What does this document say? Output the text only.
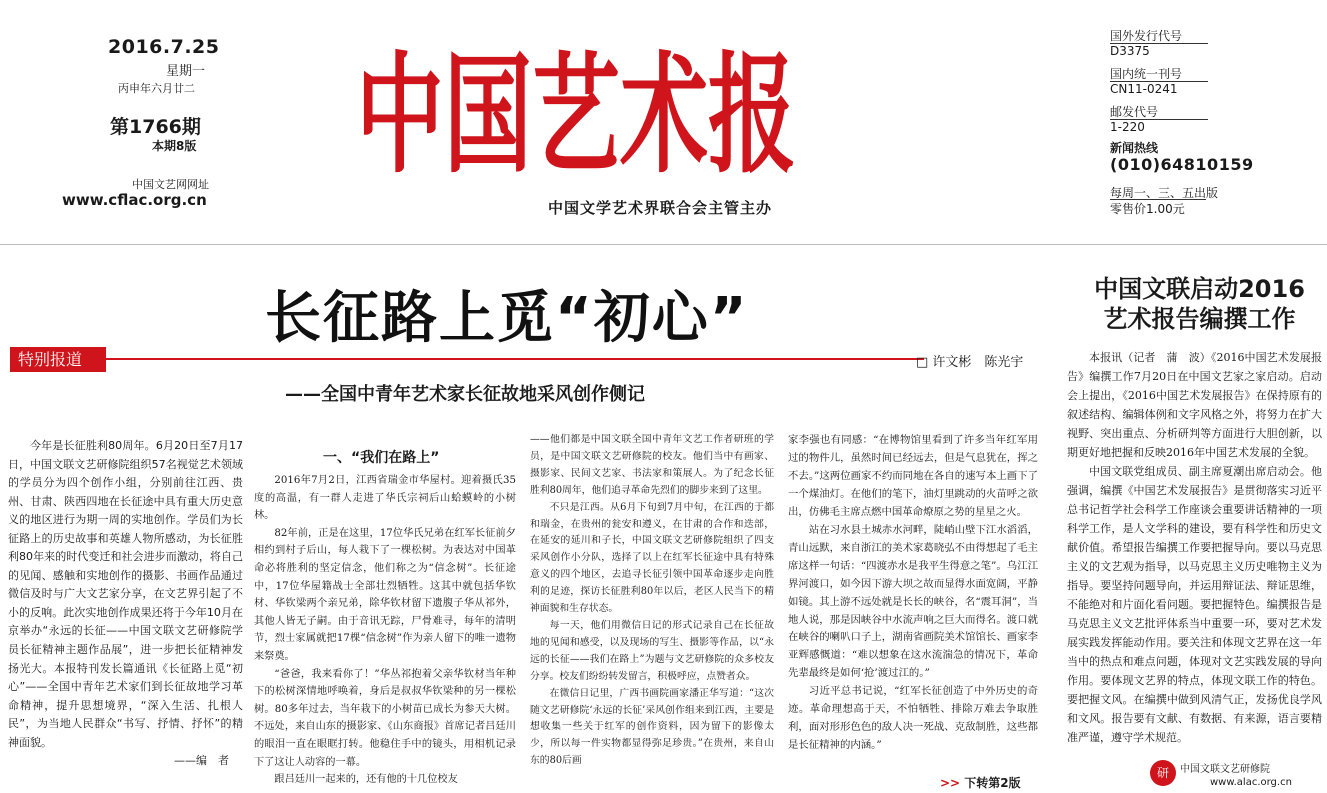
2016.7.25
星期一
丙申年六月廿二
第1766期
本期8版
中国文艺网网址
www.cflac.org.cn
中国艺术报
中国文学艺术界联合会主管主办
国外发行代号
D3375
国内统一刊号
CN11-0241
邮发代号
1-220
新闻热线
(010)64810159
每周一、三、五出版
零售价1.00元
长征路上觅“初心”
特别报道	□ 许文彬　陈光宇
——全国中青年艺术家长征故地采风创作侧记

今年是长征胜利80周年。6月20日至7月17日，中国文联文艺研修院组织57名视觉艺术领域的学员分为四个创作小组，分别前往江西、贵州、甘肃、陕西四地在长征途中具有重大历史意义的地区进行为期一周的实地创作。学员们为长征路上的历史故事和英雄人物所感动，为长征胜利80年来的时代变迁和社会进步而激动，将自己的见闻、感触和实地创作的摄影、书画作品通过微信及时与广大文艺家分享，在文艺界引起了不小的反响。此次实地创作成果还将于今年10月在京举办“永远的长征——中国文联文艺研修院学员长征精神主题作品展”，进一步把长征精神发扬光大。本报特刊发长篇通讯《长征路上觅“初心”——全国中青年艺术家们到长征故地学习革命精神，提升思想境界，“深入生活、扎根人民”，为当地人民群众“书写、抒情、抒怀”的精神面貌。

——编　者
一、“我们在路上”

2016年7月2日，江西省瑞金市华屋村。迎着摄氏35度的高温，有一群人走进了华氏宗祠后山蛤蟆岭的小树林。

82年前，正是在这里，17位华氏兄弟在红军长征前夕相约到村子后山，每人栽下了一棵松树。为表达对中国革命必将胜利的坚定信念，他们称之为“信念树”。长征途中，17位华屋籍战士全部壮烈牺牲。这其中就包括华钦材、华钦梁两个亲兄弟，除华钦材留下遗腹子华从祁外，其他人皆无子嗣。由于音讯无踪，尸骨难寻，每年的清明节，烈士家属就把17棵“信念树”作为亲人留下的唯一遗物来祭奠。

“爸爸，我来看你了！”华丛祁抱着父亲华钦材当年种下的松树深情地呼唤着，身后是叔叔华钦梁种的另一棵松树。80多年过去，当年栽下的小树苗已成长为参天大树。不远处，来自山东的摄影家、《山东商报》首席记者吕廷川的眼泪一直在眼眶打转。他稳住手中的镜头，用相机记录下了这让人动容的一幕。

跟吕廷川一起来的，还有他的十几位校友

——他们都是中国文联全国中青年文艺工作者研班的学员，是中国文联文艺研修院的校友。他们当中有画家、摄影家、民间文艺家、书法家和策展人。为了纪念长征胜利80周年，他们追寻革命先烈们的脚步来到了这里。

不只是江西。从6月下旬到7月中旬，在江西的于都和瑞金，在贵州的瓮安和遵义，在甘肃的合作和迭部，在延安的延川和子长，中国文联文艺研修院组织了四支采风创作小分队，选择了以上在红军长征途中具有特殊意义的四个地区，去追寻长征引领中国革命逐步走向胜利的足迹，探访长征胜利80年以后，老区人民当下的精神面貌和生存状态。

每一天，他们用微信日记的形式记录自己在长征故地的见闻和感受，以及现场的写生、摄影等作品，以“永远的长征——我们在路上”为题与文艺研修院的众多校友分享。校友们纷纷转发留言，积极呼应，点赞者众。

在微信日记里，广西书画院画家潘正华写道：“这次随文艺研修院‘永远的长征’采风创作组来到江西，主要是想收集一些关于红军的创作资料，因为留下的影像太少，所以每一件实物都显得弥足珍贵。”在贵州，来自山东的80后画

家李强也有同感：“在博物馆里看到了许多当年红军用过的物件儿，虽然时间已经远去，但是气息犹在，挥之不去。”这两位画家不约而同地在各自的速写本上画下了一个煤油灯。在他们的笔下，油灯里跳动的火苗呼之欲出，仿佛毛主席点燃中国革命燎原之势的星星之火。

站在习水县土城赤水河畔，陡峭山壁下江水滔滔，青山远默，来自浙江的美术家葛晓弘不由得想起了毛主席这样一句话：“四渡赤水是我平生得意之笔”。乌江江界河渡口，如今因下游大坝之故而显得水面宽阔，平静如镜。其上游不远处就是长长的峡谷，名“震耳洞”，当地人说，那是因峡谷中水流声响之巨大而得名。渡口就在峡谷的喇叭口子上，湖南省画院美术馆馆长、画家李亚辉感慨道：“难以想象在这水流湍急的情况下，革命先辈最终是如何‘抢’渡过江的。”

习近平总书记说，“红军长征创造了中外历史的奇迹。革命理想高于天，不怕牺牲、排除万难去争取胜利，面对形形色色的敌人决一死战、克敌制胜，这些都是长征精神的内涵。”

>> 下转第2版
中国文联启动2016
艺术报告编撰工作

本报讯（记者　蒲　波）《2016中国艺术发展报告》编撰工作7月20日在中国文艺家之家启动。启动会上提出，《2016中国艺术发展报告》在保持原有的叙述结构、编辑体例和文字风格之外，将努力在扩大视野、突出重点、分析研判等方面进行大胆创新，以期更好地把握和反映2016年中国艺术发展的全貌。

中国文联党组成员、副主席夏潮出席启动会。他强调，编撰《中国艺术发展报告》是贯彻落实习近平总书记哲学社会科学工作座谈会重要讲话精神的一项科学工作，是人文学科的建设，要有科学性和历史文献价值。希望报告编撰工作要把握导向。要以马克思主义的文艺观为指导，以马克思主义历史唯物主义为指导。要坚持问题导向，并运用辩证法、辩证思维，不能绝对和片面化看问题。要把握特色。编撰报告是马克思主义文艺批评体系当中重要一环，要对艺术发展实践发挥能动作用。要关注和体现文艺界在这一年当中的热点和难点问题，体现对文艺实践发展的导向作用。要体现文艺界的特点，体现文联工作的特色。要把握文风。在编撰中做到风清气正，发扬优良学风和文风。报告要有文献、有数据、有来源，语言要精准严谨，遵守学术规范。

研	中国文联文艺研修院
www.alac.org.cn
